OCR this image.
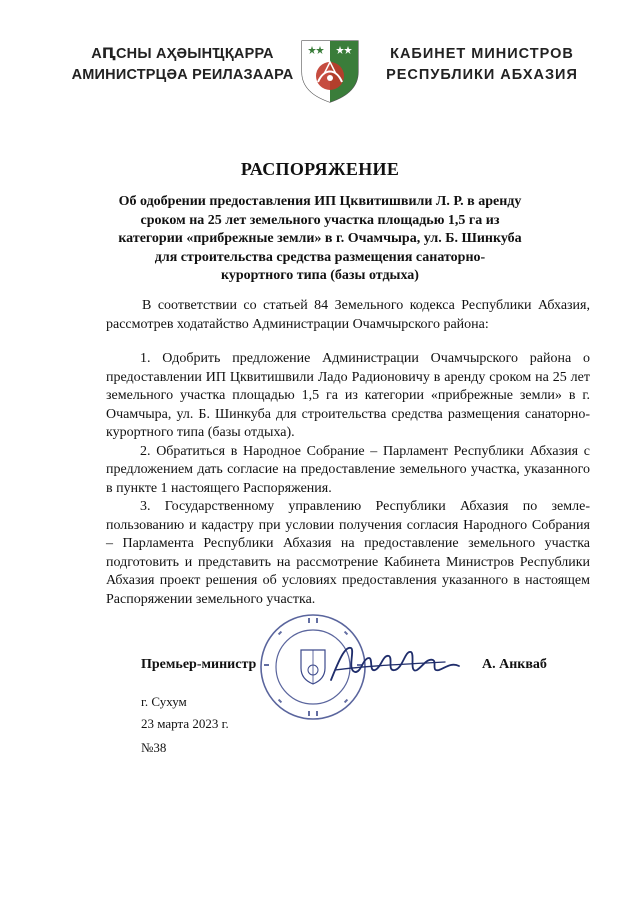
АԤСНЫ АҲӘЫНҴҚАРРА
АМИНИСТРЦӘА РЕИЛАЗААРА
КАБИНЕТ МИНИСТРОВ
РЕСПУБЛИКИ АБХАЗИЯ
РАСПОРЯЖЕНИЕ
Об одобрении предоставления ИП Цквитишвили Л. Р. в аренду
сроком на 25 лет земельного участка площадью 1,5 га из
категории «прибрежные земли» в г. Очамчыра, ул. Б. Шинкуба
для строительства средства размещения санаторно-
курортного типа (базы отдыха)

В соответствии со статьей 84 Земельного кодекса Республики Абхазия, рассмотрев ходатайство Администрации Очамчырского района:

1. Одобрить предложение Администрации Очамчырского района о предоставлении ИП Цквитишвили Ладо Радионовичу в аренду сроком на 25 лет земельного участка площадью 1,5 га из категории «прибрежные земли» в г. Очамчыра, ул. Б. Шинкуба для строительства средства размещения санаторно-курортного типа (базы отдыха).

2. Обратиться в Народное Собрание – Парламент Республики Абхазия с предложением дать согласие на предоставление земельного участка, указанного в пункте 1 настоящего Распоряжения.

3. Государственному управлению Республики Абхазия по землепользованию и кадастру при условии получения согласия Народного Собрания – Парламента Республики Абхазия на предоставление земельного участка подготовить и представить на рассмотрение Кабинета Министров Республики Абхазия проект решения об условиях предоставления указанного в настоящем Распоряжении земельного участка.

Премьер-министр	А. Анкваб
г. Сухум
23 марта 2023 г.
№38
